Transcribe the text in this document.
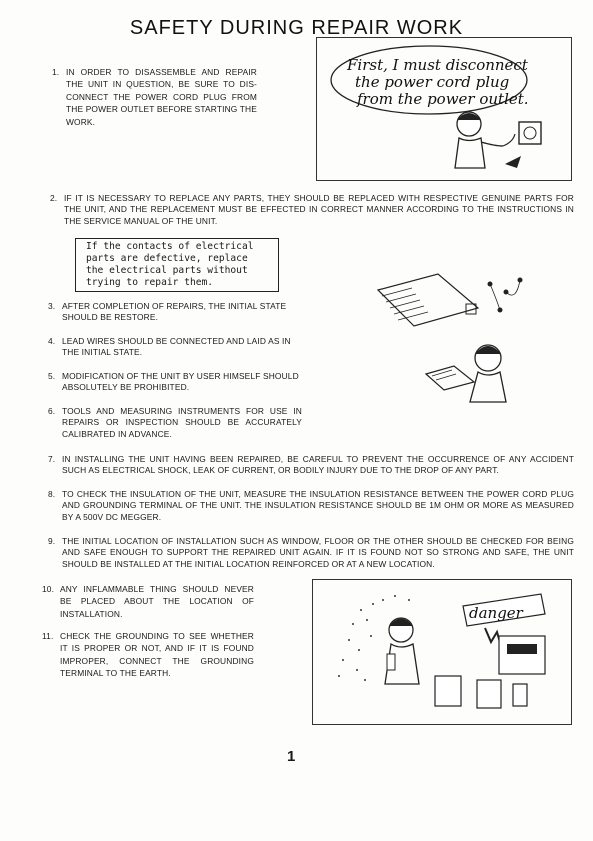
SAFETY DURING REPAIR WORK
1. IN ORDER TO DISASSEMBLE AND REPAIR THE UNIT IN QUESTION, BE SURE TO DIS- CONNECT THE POWER CORD PLUG FROM THE POWER OUTLET BEFORE STARTING THE WORK.
First, I must disconnect
the power cord plug
from the power outlet.
2. IF IT IS NECESSARY TO REPLACE ANY PARTS, THEY SHOULD BE REPLACED WITH RESPECTIVE GENUINE PARTS FOR THE UNIT, AND THE REPLACEMENT MUST BE EFFECTED IN CORRECT MANNER ACCORDING TO THE INSTRUCTIONS IN THE SERVICE MANUAL OF THE UNIT.
If the contacts of electrical
parts are defective, replace
the electrical parts without
trying to repair them.
3. AFTER COMPLETION OF REPAIRS, THE INITIAL STATE SHOULD BE RESTORE.
4. LEAD WIRES SHOULD BE CONNECTED AND LAID AS IN THE INITIAL STATE.
5. MODIFICATION OF THE UNIT BY USER HIMSELF SHOULD ABSOLUTELY BE PROHIBITED.
6. TOOLS AND MEASURING INSTRUMENTS FOR USE IN REPAIRS OR INSPECTION SHOULD BE ACCURATELY CALIBRATED IN ADVANCE.
7. IN INSTALLING THE UNIT HAVING BEEN REPAIRED, BE CAREFUL TO PREVENT THE OCCURRENCE OF ANY ACCIDENT SUCH AS ELECTRICAL SHOCK, LEAK OF CURRENT, OR BODILY INJURY DUE TO THE DROP OF ANY PART.
8. TO CHECK THE INSULATION OF THE UNIT, MEASURE THE INSULATION RESISTANCE BETWEEN THE POWER CORD PLUG AND GROUNDING TERMINAL OF THE UNIT. THE INSULATION RESISTANCE SHOULD BE 1M OHM OR MORE AS MEASURED BY A 500V DC MEGGER.
9. THE INITIAL LOCATION OF INSTALLATION SUCH AS WINDOW, FLOOR OR THE OTHER SHOULD BE CHECKED FOR BEING AND SAFE ENOUGH TO SUPPORT THE REPAIRED UNIT AGAIN. IF IT IS FOUND NOT SO STRONG AND SAFE, THE UNIT SHOULD BE INSTALLED AT THE INITIAL LOCATION REINFORCED OR AT A NEW LOCATION.
10. ANY INFLAMMABLE THING SHOULD NEVER BE PLACED ABOUT THE LOCATION OF INSTALLATION.
11. CHECK THE GROUNDING TO SEE WHETHER IT IS PROPER OR NOT, AND IF IT IS FOUND IMPROPER, CONNECT THE GROUNDING TERMINAL TO THE EARTH.
danger
1
